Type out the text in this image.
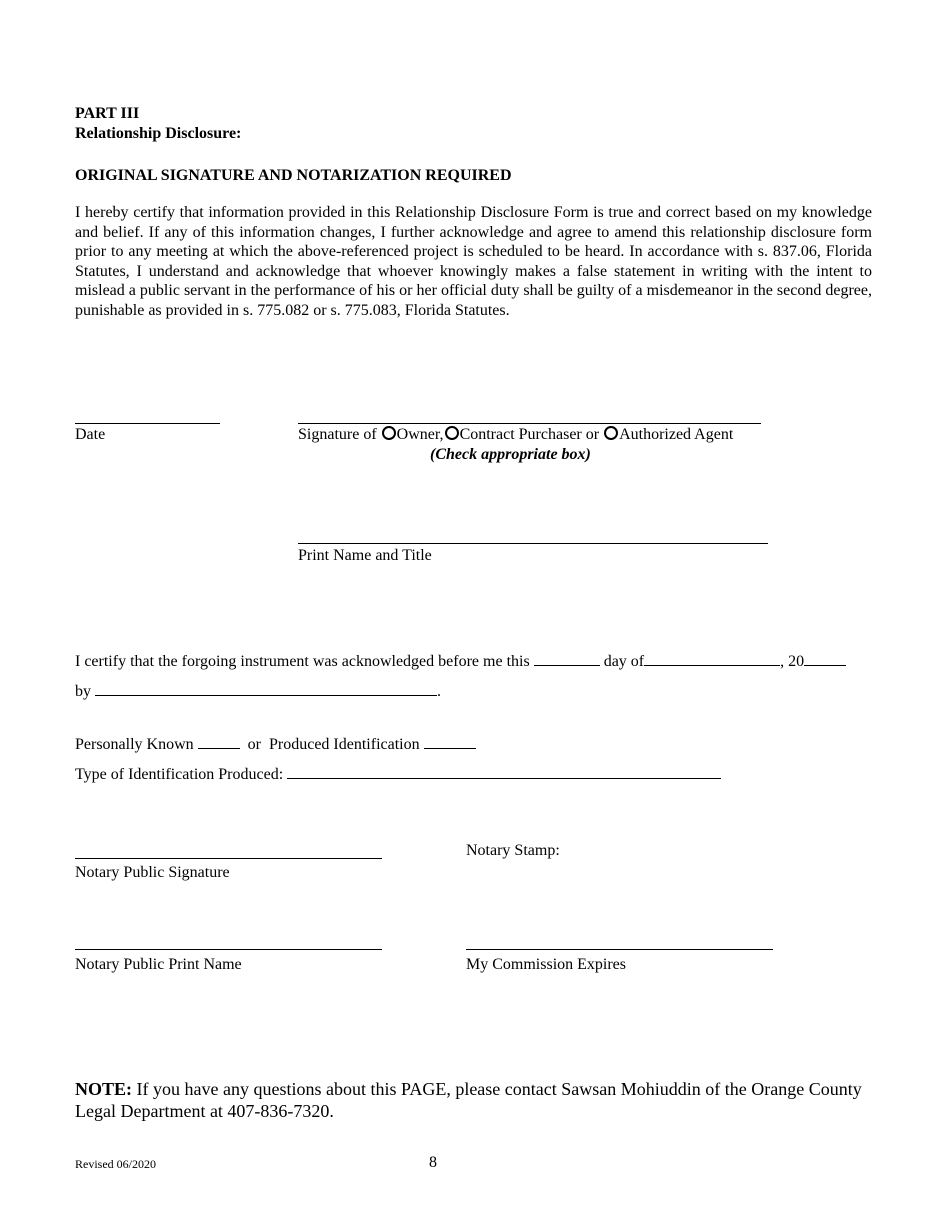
PART III
Relationship Disclosure:
ORIGINAL SIGNATURE AND NOTARIZATION REQUIRED
I hereby certify that information provided in this Relationship Disclosure Form is true and correct based on my knowledge and belief. If any of this information changes, I further acknowledge and agree to amend this relationship disclosure form prior to any meeting at which the above-referenced project is scheduled to be heard. In accordance with s. 837.06, Florida Statutes, I understand and acknowledge that whoever knowingly makes a false statement in writing with the intent to mislead a public servant in the performance of his or her official duty shall be guilty of a misdemeanor in the second degree, punishable as provided in s. 775.082 or s. 775.083, Florida Statutes.
Date	Signature of Owner, Contract Purchaser or Authorized Agent
(Check appropriate box)
Print Name and Title
I certify that the forgoing instrument was acknowledged before me this	day of	, 20
by	.
Personally Known	or Produced Identification
Type of Identification Produced:
Notary Stamp:
Notary Public Signature
Notary Public Print Name	My Commission Expires
NOTE: If you have any questions about this PAGE, please contact Sawsan Mohiuddin of the Orange County
Legal Department at 407-836-7320.
Revised 06/2020	8
